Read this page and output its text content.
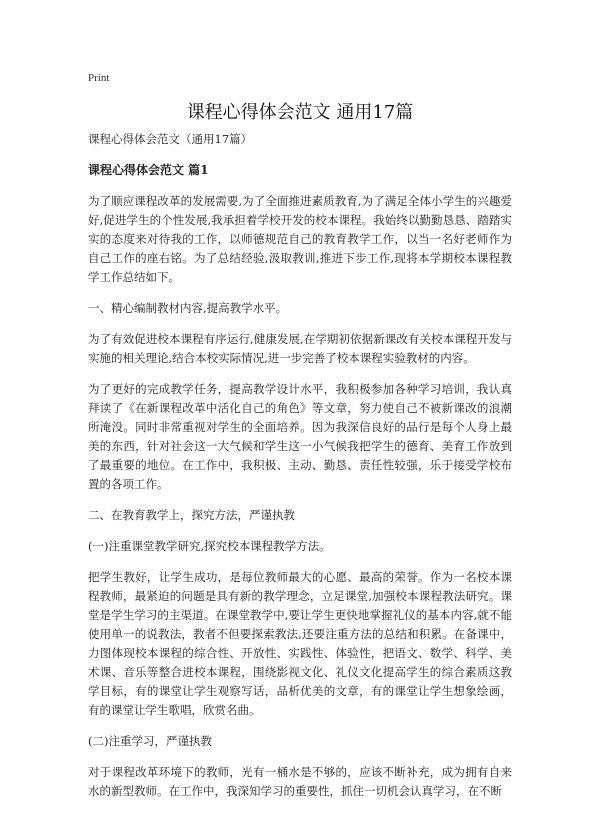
Print
课程心得体会范文 通用17篇

课程心得体会范文（通用17篇）

课程心得体会范文 篇1

为了顺应课程改革的发展需要,为了全面推进素质教育,为了满足全体小学生的兴趣爱好,促进学生的个性发展,我承担着学校开发的校本课程。我始终以勤勤恳恳、踏踏实实的态度来对待我的工作，以师德规范自己的教育教学工作，以当一名好老师作为自己工作的座右铭。为了总结经验,汲取教训,推进下步工作,现将本学期校本课程教学工作总结如下。

一、精心编制教材内容,提高教学水平。

为了有效促进校本课程有序运行,健康发展,在学期初依据新课改有关校本课程开发与实施的相关理论,结合本校实际情况,进一步完善了校本课程实验教材的内容。

为了更好的完成教学任务，提高教学设计水平，我积极参加各种学习培训，我认真拜读了《在新课程改革中活化自己的角色》等文章，努力使自己不被新课改的浪潮所淹没。同时非常重视对学生的全面培养。因为我深信良好的品行是每个人身上最美的东西，针对社会这一大气候和学生这一小气候我把学生的德育、美育工作放到了最重要的地位。在工作中，我积极、主动、勤恳、责任性较强，乐于接受学校布置的各项工作。

二、在教育教学上，探究方法，严谨执教

(一)注重课堂教学研究,探究校本课程教学方法。

把学生教好，让学生成功，是每位教师最大的心愿、最高的荣誉。作为一名校本课程教师，最紧迫的问题是具有新的教学理念，立足课堂,加强校本课程教法研究。课堂是学生学习的主渠道。在课堂教学中,要让学生更快地掌握礼仪的基本内容,就不能使用单一的说教法，教者不但要探索教法,还要注重方法的总结和积累。在备课中，力图体现校本课程的综合性、开放性、实践性、体验性，把语文、数学、科学、美术课、音乐等整合进校本课程，围绕影视文化、礼仪文化提高学生的综合素质这教学目标，有的课堂让学生观察写话，品析优美的文章，有的课堂让学生想象绘画，有的课堂让学生歌唱，欣赏名曲。

(二)注重学习，严谨执教

对于课程改革环境下的教师，光有一桶水是不够的，应该不断补充，成为拥有自来水的新型教师。在工作中，我深知学习的重要性，抓住一切机会认真学习，在不断
